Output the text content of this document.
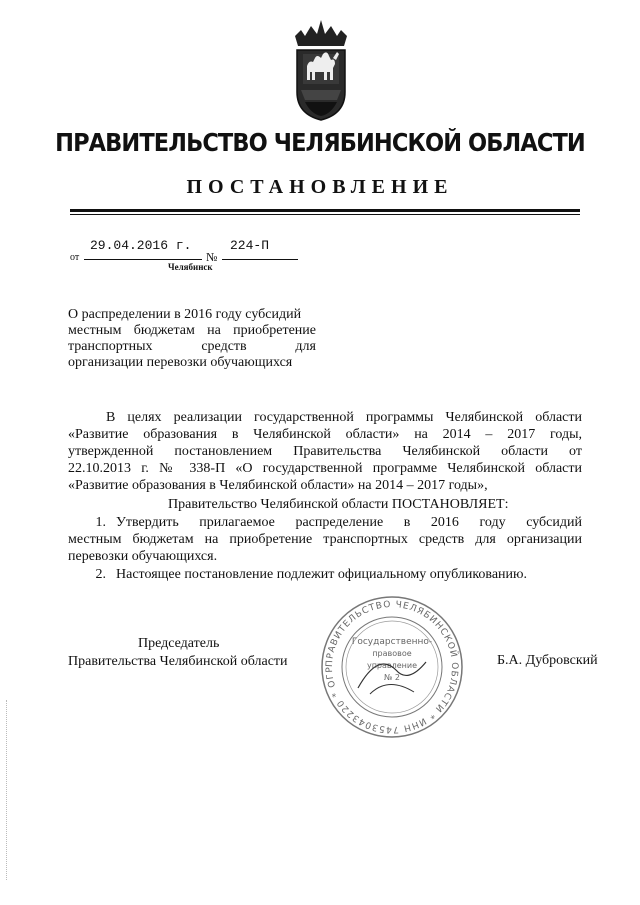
ПРАВИТЕЛЬСТВО ЧЕЛЯБИНСКОЙ ОБЛАСТИ
ПОСТАНОВЛЕНИЕ
от
29.04.2016 г.
№
224-П
Челябинск
О распределении в 2016 году субсидий
местным бюджетам на приобретение
транспортных	средств	для
организации перевозки обучающихся
В целях реализации государственной программы Челябинской области
«Развитие образования в Челябинской области» на 2014 – 2017 годы,
утвержденной постановлением Правительства Челябинской области от
22.10.2013 г. № 338-П «О государственной программе Челябинской области
«Развитие образования в Челябинской области» на 2014 – 2017 годы»,
Правительство Челябинской области ПОСТАНОВЛЯЕТ:
1. Утвердить прилагаемое распределение в 2016 году субсидий
местным бюджетам на приобретение транспортных средств для организации
перевозки обучающихся.
2. Настоящее постановление подлежит официальному опубликованию.
Председатель
Правительства Челябинской области	ПРАВИТЕЛЬСТВО ЧЕЛЯБИНСКОЙ ОБЛАСТИ * ИНН 7453043220 * ОГР
Государственно-
правовое
управление
№ 2
Б.А. Дубровский
